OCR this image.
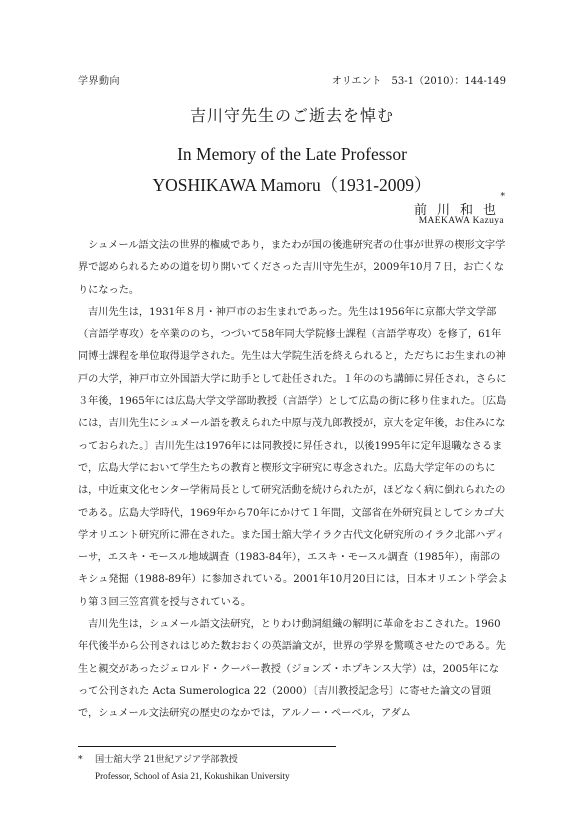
学界動向	オリエント　53-1（2010）：144-149
吉川守先生のご逝去を悼む
In Memory of the Late Professor
YOSHIKAWA Mamoru（1931-2009）
*
前川和也
MAEKAWA Kazuya

シュメール語文法の世界的権威であり，またわが国の後進研究者の仕事が世界の楔形文字学界で認められるための道を切り開いてくださった吉川守先生が，2009年10月７日，お亡くなりになった。

吉川先生は，1931年８月・神戸市のお生まれであった。先生は1956年に京都大学文学部（言語学専攻）を卒業ののち，つづいて58年同大学院修士課程（言語学専攻）を修了，61年同博士課程を単位取得退学された。先生は大学院生活を終えられると，ただちにお生まれの神戸の大学，神戸市立外国語大学に助手として赴任された。１年ののち講師に昇任され，さらに３年後，1965年には広島大学文学部助教授（言語学）として広島の街に移り住まれた。〔広島には，吉川先生にシュメール語を教えられた中原与茂九郎教授が，京大を定年後，お住みになっておられた。〕吉川先生は1976年には同教授に昇任され，以後1995年に定年退職なさるまで，広島大学において学生たちの教育と楔形文字研究に専念された。広島大学定年ののちには，中近東文化センター学術局長として研究活動を続けられたが，ほどなく病に倒れられたのである。広島大学時代，1969年から70年にかけて１年間，文部省在外研究員としてシカゴ大学オリエント研究所に滞在された。また国士舘大学イラク古代文化研究所のイラク北部ハディーサ，エスキ・モースル地域調査（1983-84年），エスキ・モースル調査（1985年），南部のキシュ発掘（1988-89年）に参加されている。2001年10月20日には，日本オリエント学会より第３回三笠宮賞を授与されている。

吉川先生は，シュメール語文法研究，とりわけ動詞組織の解明に革命をおこされた。1960年代後半から公刊されはじめた数おおくの英語論文が，世界の学界を驚嘆させたのである。先生と親交があったジェロルド・クーパー教授（ジョンズ・ホプキンス大学）は，2005年になって公刊された Acta Sumerologica 22（2000）〔吉川教授記念号〕に寄せた論文の冒頭で，シュメール文法研究の歴史のなかでは，アルノー・ペーベル，アダム

* 国士舘大学 21世紀アジア学部教授
Professor, School of Asia 21, Kokushikan University
